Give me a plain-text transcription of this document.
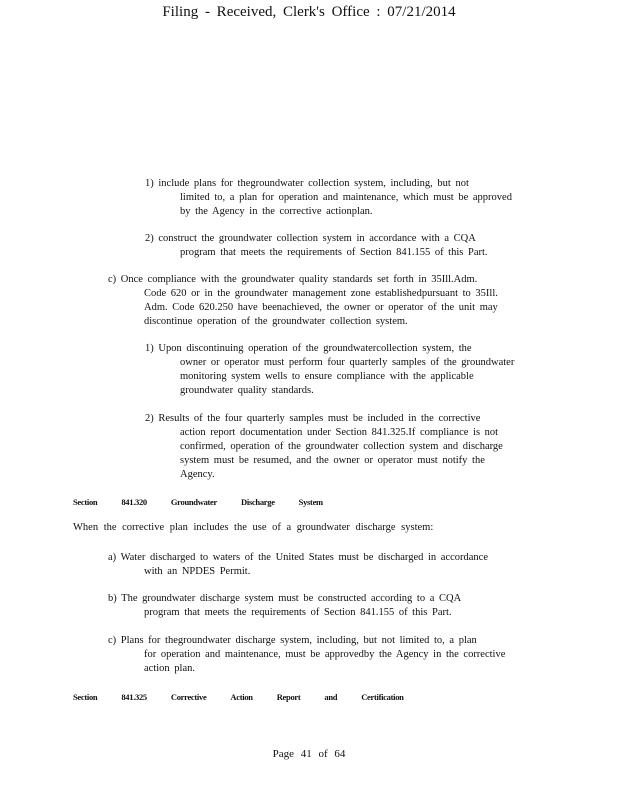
Filing - Received, Clerk's Office : 07/21/2014
1) include plans for thegroundwater collection system, including, but not
limited to, a plan for operation and maintenance, which must be approved
by the Agency in the corrective actionplan.
2) construct the groundwater collection system in accordance with a CQA
program that meets the requirements of Section 841.155 of this Part.
c) Once compliance with the groundwater quality standards set forth in 35Ill.Adm.
Code 620 or in the groundwater management zone establishedpursuant to 35Ill.
Adm. Code 620.250 have beenachieved, the owner or operator of the unit may
discontinue operation of the groundwater collection system.
1) Upon discontinuing operation of the groundwatercollection system, the
owner or operator must perform four quarterly samples of the groundwater
monitoring system wells to ensure compliance with the applicable
groundwater quality standards.
2) Results of the four quarterly samples must be included in the corrective
action report documentation under Section 841.325.If compliance is not
confirmed, operation of the groundwater collection system and discharge
system must be resumed, and the owner or operator must notify the
Agency.
Section	841.320	Groundwater	Discharge	System
When the corrective plan includes the use of a groundwater discharge system:
a) Water discharged to waters of the United States must be discharged in accordance
with an NPDES Permit.
b) The groundwater discharge system must be constructed according to a CQA
program that meets the requirements of Section 841.155 of this Part.
c) Plans for thegroundwater discharge system, including, but not limited to, a plan
for operation and maintenance, must be approvedby the Agency in the corrective
action plan.
Section	841.325	Corrective	Action	Report	and	Certification
Page 41 of 64
